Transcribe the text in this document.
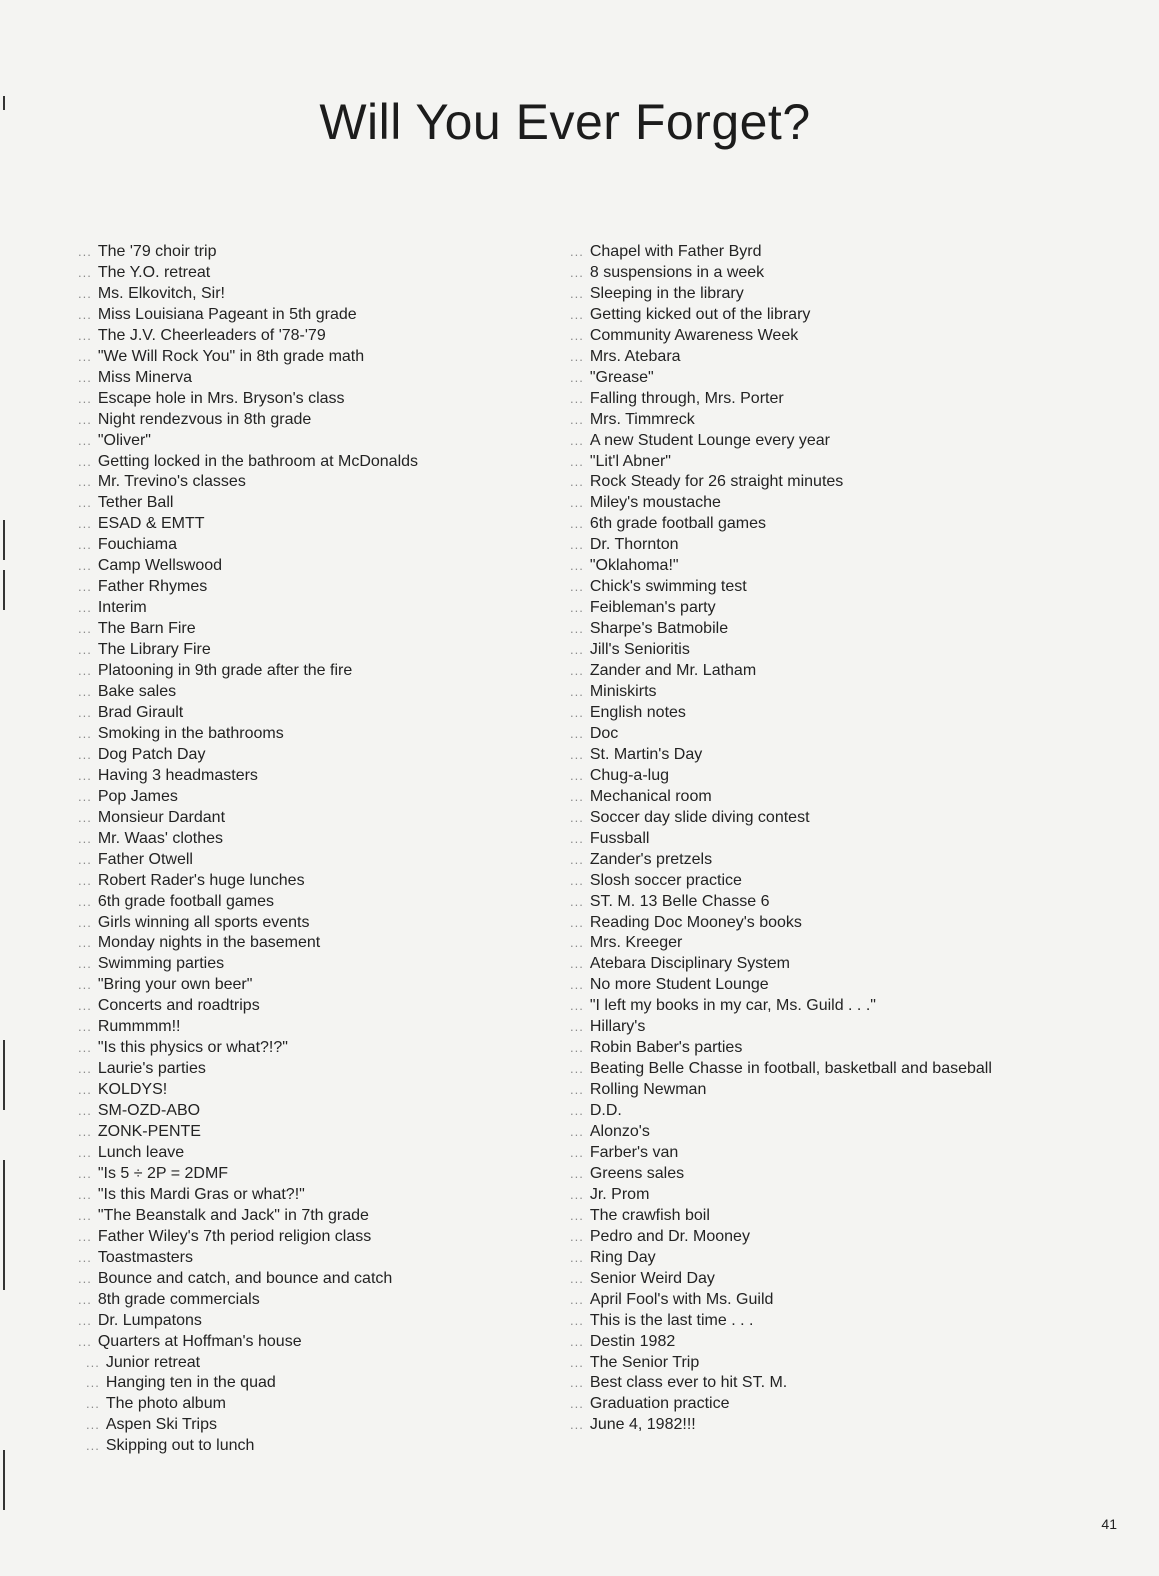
Will You Ever Forget?
... The '79 choir trip
... The Y.O. retreat
... Ms. Elkovitch, Sir!
... Miss Louisiana Pageant in 5th grade
... The J.V. Cheerleaders of '78-'79
... "We Will Rock You" in 8th grade math
... Miss Minerva
... Escape hole in Mrs. Bryson's class
... Night rendezvous in 8th grade
... "Oliver"
... Getting locked in the bathroom at McDonalds
... Mr. Trevino's classes
... Tether Ball
... ESAD & EMTT
... Fouchiama
... Camp Wellswood
... Father Rhymes
... Interim
... The Barn Fire
... The Library Fire
... Platooning in 9th grade after the fire
... Bake sales
... Brad Girault
... Smoking in the bathrooms
... Dog Patch Day
... Having 3 headmasters
... Pop James
... Monsieur Dardant
... Mr. Waas' clothes
... Father Otwell
... Robert Rader's huge lunches
... 6th grade football games
... Girls winning all sports events
... Monday nights in the basement
... Swimming parties
... "Bring your own beer"
... Concerts and roadtrips
... Rummmm!!
... "Is this physics or what?!?"
... Laurie's parties
... KOLDYS!
... SM-OZD-ABO
... ZONK-PENTE
... Lunch leave
... "Is 5 ÷ 2P = 2DMF
... "Is this Mardi Gras or what?!"
... "The Beanstalk and Jack" in 7th grade
... Father Wiley's 7th period religion class
... Toastmasters
... Bounce and catch, and bounce and catch
... 8th grade commercials
... Dr. Lumpatons
... Quarters at Hoffman's house
... Junior retreat
... Hanging ten in the quad
... The photo album
... Aspen Ski Trips
... Skipping out to lunch
... Chapel with Father Byrd
... 8 suspensions in a week
... Sleeping in the library
... Getting kicked out of the library
... Community Awareness Week
... Mrs. Atebara
... "Grease"
... Falling through, Mrs. Porter
... Mrs. Timmreck
... A new Student Lounge every year
... "Lit'l Abner"
... Rock Steady for 26 straight minutes
... Miley's moustache
... 6th grade football games
... Dr. Thornton
... "Oklahoma!"
... Chick's swimming test
... Feibleman's party
... Sharpe's Batmobile
... Jill's Senioritis
... Zander and Mr. Latham
... Miniskirts
... English notes
... Doc
... St. Martin's Day
... Chug-a-lug
... Mechanical room
... Soccer day slide diving contest
... Fussball
... Zander's pretzels
... Slosh soccer practice
... ST. M. 13 Belle Chasse 6
... Reading Doc Mooney's books
... Mrs. Kreeger
... Atebara Disciplinary System
... No more Student Lounge
... "I left my books in my car, Ms. Guild . . ."
... Hillary's
... Robin Baber's parties
... Beating Belle Chasse in football, basketball and baseball
... Rolling Newman
... D.D.
... Alonzo's
... Farber's van
... Greens sales
... Jr. Prom
... The crawfish boil
... Pedro and Dr. Mooney
... Ring Day
... Senior Weird Day
... April Fool's with Ms. Guild
... This is the last time . . .
... Destin 1982
... The Senior Trip
... Best class ever to hit ST. M.
... Graduation practice
... June 4, 1982!!!
41
